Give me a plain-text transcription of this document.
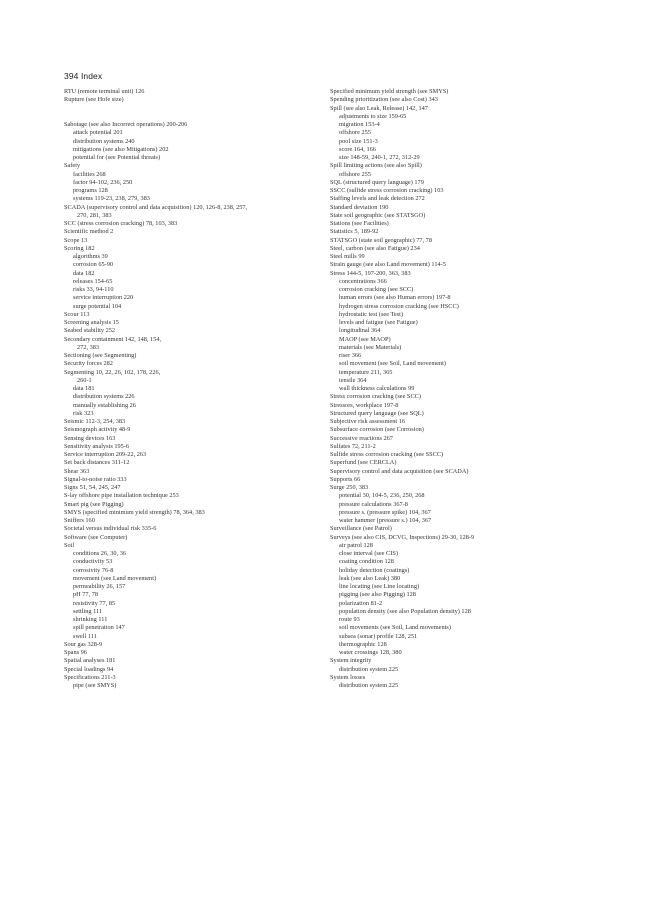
394 Index
RTU (remote terminal unit) 126
Rupture (see Hofe size)
Sabotage (see also Incorrect operations) 200-206
attack potential 201
distribution systems 240
mitigations (see also Mitigations) 202
potential for (see Potential threats)
Safety
facilities 268
factor 94-102, 236, 250
programs 128
systems 119-23, 238, 279, 383
SCADA (supervisory control and data acquisition) 120, 126-8, 238, 257,
270, 281, 383
SCC (stress corrosion cracking) 78, 103, 383
Scientific method 2
Scope 13
Scoring 182
algorithms 39
corrosion 65-90
data 182
releases 154-65
risks 33, 94-110
service interruption 220
surge potential 104
Scour 113
Screening analysis 15
Seabed stability 252
Secondary containment 142, 148, 154,
272, 383
Sectioning (see Segmenting)
Security forces 282
Segmenting 10, 22, 26, 102, 178, 226,
260-1
data 181
distribution systems 226
manually establishing 26
risk 323
Seismic 112-3, 254, 383
Seismograph activity 48-9
Sensing devices 163
Sensitivity analysis 195-6
Service interruption 209-22, 263
Set back distances 311-12
Shear 363
Signal-to-noise ratio 333
Signs 51, 54, 245, 247
S-lay offshore pipe installation technique 253
Smart pig (see Pigging)
SMYS (specified minimum yield strength) 78, 364, 383
Sniffers 160
Societal versus individual risk 335-6
Software (see Computer)
Soil
conditions 26, 30, 36
conductivity 53
corrosivity 76-8
movement (see Land movement)
permeability 26, 157
pH 77, 78
resistivity 77, 85
settling 111
shrinking 111
spill penetration 147
swell 111
Sour gas 328-9
Spans 96
Spatial analyses 181
Special loadings 94
Specifications 211-3
pipe (see SMYS)
Specified minimum yield strength (see SMYS)
Spending prioritization (see also Cost) 343
Spill (see also Leak, Release) 142, 147
adjustments to size 159-65
migration 153-4
offshore 255
pool size 151-3
score 164, 166
size 148-59, 240-1, 272, 312-29
Spill limiting actions (see also Spill)
offshore 255
SQL (structured query language) 179
SSCC (sulfide stress corrosion cracking) 103
Staffing levels and leak detection 272
Standard deviation 190
State soil geographic (see STATSGO)
Stations (see Facilities)
Statistics 5, 189-92
STATSGO (state soil geographic) 77, 78
Steel, carbon (see also Fatigue) 234
Steel mills 99
Strain gauge (see also Land movement) 114-5
Stress 144-5, 197-200, 363, 383
concentrations 366
corrosion cracking (see SCC)
human errors (see also Human errors) 197-8
hydrogen stress corrosion cracking (see HSCC)
hydrostatic test (see Test)
levels and fatigue (see Fatigue)
longitudinal 364
MAOP (see MAOP)
materials (see Materials)
riser 366
soil movement (see Soil, Land movement)
temperature 211, 365
tensile 364
wall thickness calculations 99
Stress corrosion cracking (see SCC)
Stressors, workplace 197-8
Structured query language (see SQL)
Subjective risk assessment 16
Subsurface corrosion (see Corrosion)
Successive reactions 267
Sulfates 72, 211-2
Sulfide stress corrosion cracking (see SSCC)
Superfund (see CERCLA)
Supervisory control and data acquisition (see SCADA)
Supports 66
Surge 250, 383
potential 30, 104-5, 236, 250, 268
pressure calculations 367-8
pressure s. (pressure spike) 104, 367
water hammer (pressure s.) 104, 367
Surveillance (see Patrol)
Surveys (see also CIS, DCVG, Inspections) 29-30, 128-9
air patrol 128
close interval (see CIS)
coating condition 128
holiday detection (coatings)
leak (see also Leak) 380
line locating (see Line locating)
pigging (see also Pigging) 128
polarization 81-2
population density (see also Population density) 128
route 93
soil movements (see Soil, Land movements)
subsea (sonar) profile 128, 251
thermographic 128
water crossings 128, 380
System integrity
distribution system 225
System losses
distribution system 225
